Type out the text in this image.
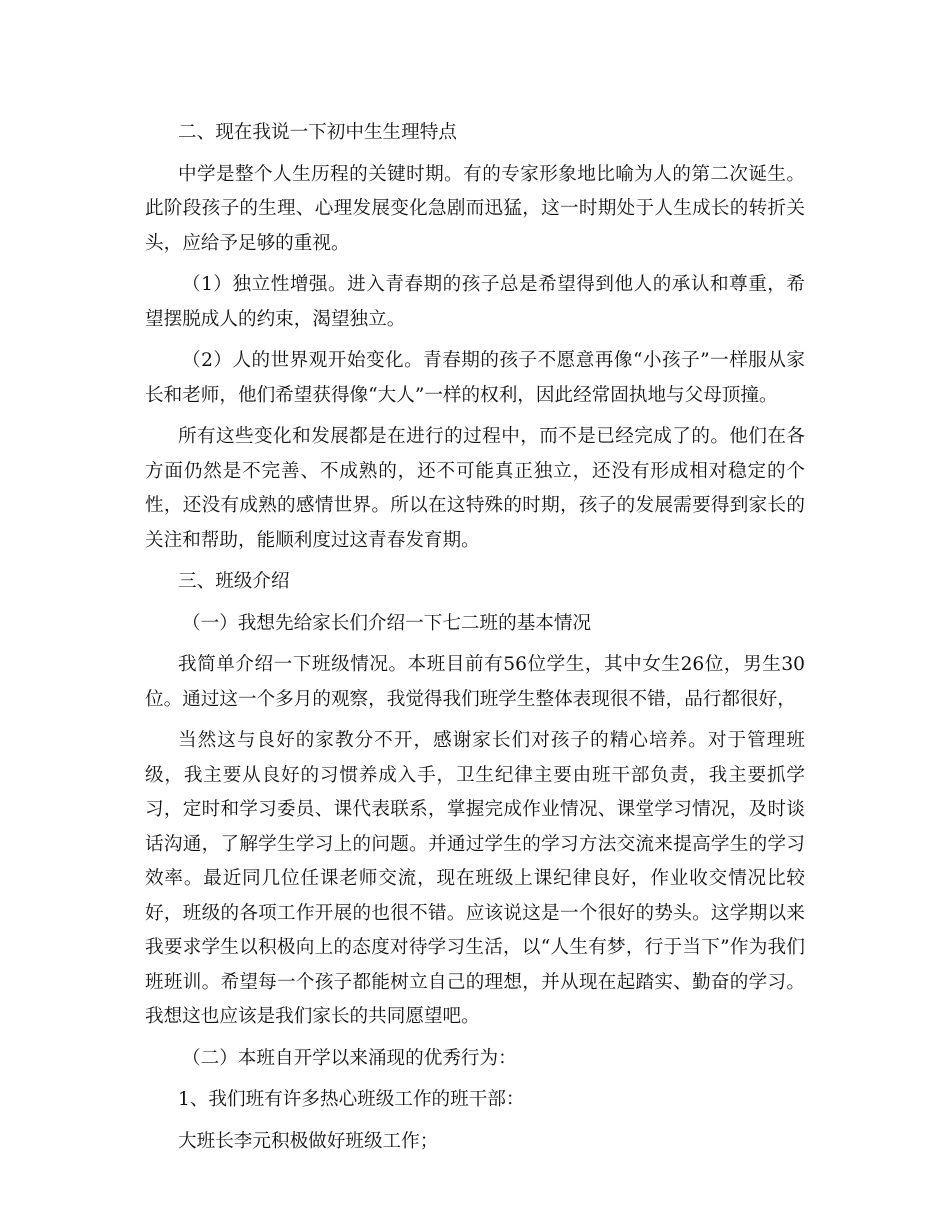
二、现在我说一下初中生生理特点

中学是整个人生历程的关键时期。有的专家形象地比喻为人的第二次诞生。此阶段孩子的生理、心理发展变化急剧而迅猛，这一时期处于人生成长的转折关头，应给予足够的重视。

（1）独立性增强。进入青春期的孩子总是希望得到他人的承认和尊重，希望摆脱成人的约束，渴望独立。

（2）人的世界观开始变化。青春期的孩子不愿意再像“小孩子”一样服从家长和老师，他们希望获得像“大人”一样的权利，因此经常固执地与父母顶撞。

所有这些变化和发展都是在进行的过程中，而不是已经完成了的。他们在各方面仍然是不完善、不成熟的，还不可能真正独立，还没有形成相对稳定的个性，还没有成熟的感情世界。所以在这特殊的时期，孩子的发展需要得到家长的关注和帮助，能顺利度过这青春发育期。

三、班级介绍

（一）我想先给家长们介绍一下七二班的基本情况

我简单介绍一下班级情况。本班目前有56位学生，其中女生26位，男生30位。通过这一个多月的观察，我觉得我们班学生整体表现很不错，品行都很好，

当然这与良好的家教分不开，感谢家长们对孩子的精心培养。对于管理班级，我主要从良好的习惯养成入手，卫生纪律主要由班干部负责，我主要抓学习，定时和学习委员、课代表联系，掌握完成作业情况、课堂学习情况，及时谈话沟通，了解学生学习上的问题。并通过学生的学习方法交流来提高学生的学习效率。最近同几位任课老师交流，现在班级上课纪律良好，作业收交情况比较好，班级的各项工作开展的也很不错。应该说这是一个很好的势头。这学期以来我要求学生以积极向上的态度对待学习生活，以“人生有梦，行于当下”作为我们班班训。希望每一个孩子都能树立自己的理想，并从现在起踏实、勤奋的学习。我想这也应该是我们家长的共同愿望吧。

（二）本班自开学以来涌现的优秀行为：

1、我们班有许多热心班级工作的班干部：

大班长李元积极做好班级工作；
